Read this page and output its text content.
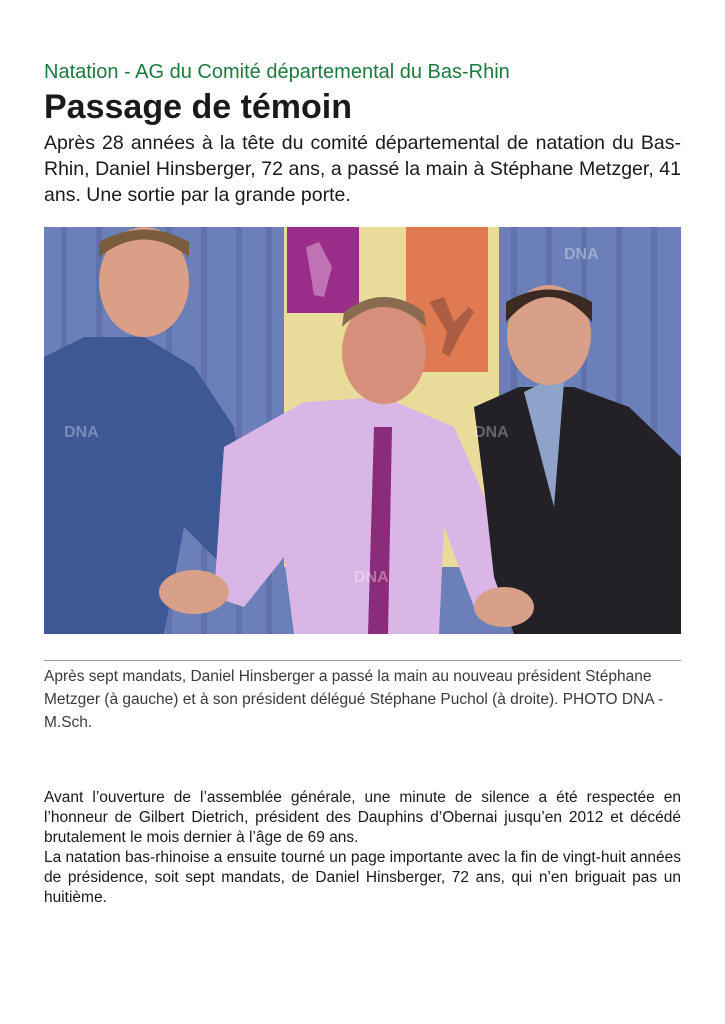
Natation - AG du Comité départemental du Bas-Rhin
Passage de témoin
Après 28 années à la tête du comité départemental de natation du Bas-Rhin, Daniel Hinsberger, 72 ans, a passé la main à Stéphane Metzger, 41 ans. Une sortie par la grande porte.
DNA
DNA	DNA
DNA
Après sept mandats, Daniel Hinsberger a passé la main au nouveau président Stéphane Metzger (à gauche) et à son président délégué Stéphane Puchol (à droite). PHOTO DNA - M.Sch.

Avant l’ouverture de l’assemblée générale, une minute de silence a été respectée en l’honneur de Gilbert Dietrich, président des Dauphins d’Obernai jusqu’en 2012 et décédé brutalement le mois dernier à l’âge de 69 ans.

La natation bas-rhinoise a ensuite tourné un page importante avec la fin de vingt-huit années de présidence, soit sept mandats, de Daniel Hinsberger, 72 ans, qui n’en briguait pas un huitième.
